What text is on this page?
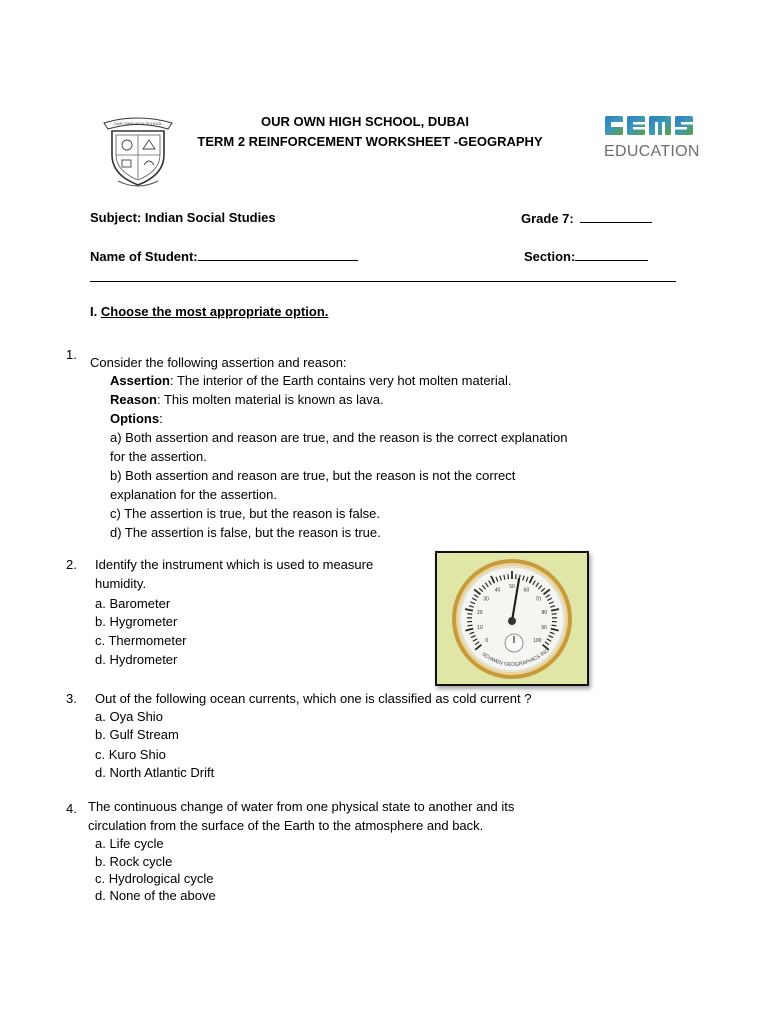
OUR OWN HIGH SCHOOL	OUR OWN HIGH SCHOOL, DUBAI
TERM 2 REINFORCEMENT WORKSHEET -GEOGRAPHY
EDUCATION
Subject: Indian Social Studies	Grade 7:
Name of Student:	Section:
I. Choose the most appropriate option.
1.
Consider the following assertion and reason:
Assertion: The interior of the Earth contains very hot molten material.
Reason: This molten material is known as lava.
Options:
a) Both assertion and reason are true, and the reason is the correct explanation
for the assertion.
b) Both assertion and reason are true, but the reason is not the correct
explanation for the assertion.
c) The assertion is true, but the reason is false.
d) The assertion is false, but the reason is true.
2. Identify the instrument which is used to measure
humidity.
a. Barometer
b. Hygrometer
c. Thermometer
d. Hydrometer
0
10
20
30
40
50
60
70
80
90
100
SCHWEN GEOGRAPHICS INC
3. Out of the following ocean currents, which one is classified as cold current ?
a. Oya Shio
b. Gulf Stream
c. Kuro Shio
d. North Atlantic Drift
4. The continuous change of water from one physical state to another and its
circulation from the surface of the Earth to the atmosphere and back.
a. Life cycle
b. Rock cycle
c. Hydrological cycle
d. None of the above
